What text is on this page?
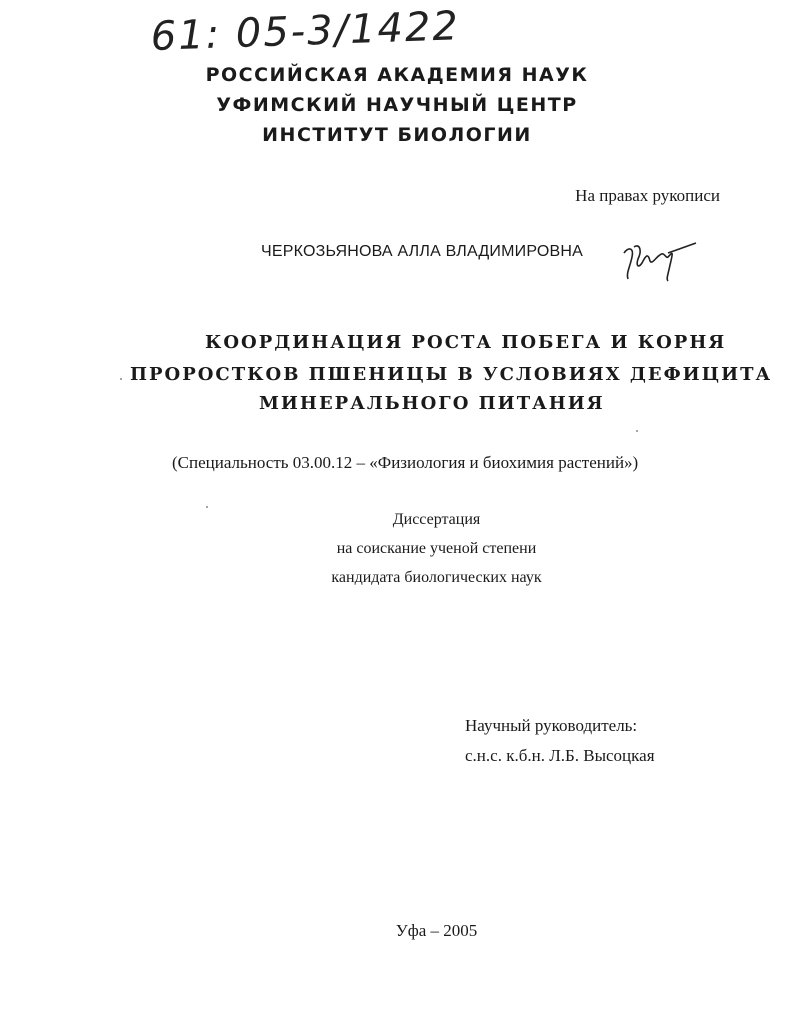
61: 05-3/1422
РОССИЙСКАЯ АКАДЕМИЯ НАУК
УФИМСКИЙ НАУЧНЫЙ ЦЕНТР
ИНСТИТУТ БИОЛОГИИ
На правах рукописи
ЧЕРКОЗЬЯНОВА АЛЛА ВЛАДИМИРОВНА
КООРДИНАЦИЯ РОСТА ПОБЕГА И КОРНЯ
ПРОРОСТКОВ ПШЕНИЦЫ В УСЛОВИЯХ ДЕФИЦИТА
МИНЕРАЛЬНОГО ПИТАНИЯ
(Специальность 03.00.12 – «Физиология и биохимия растений»)
Диссертация
на соискание ученой степени
кандидата биологических наук
Научный руководитель:
с.н.с. к.б.н. Л.Б. Высоцкая
Уфа – 2005
